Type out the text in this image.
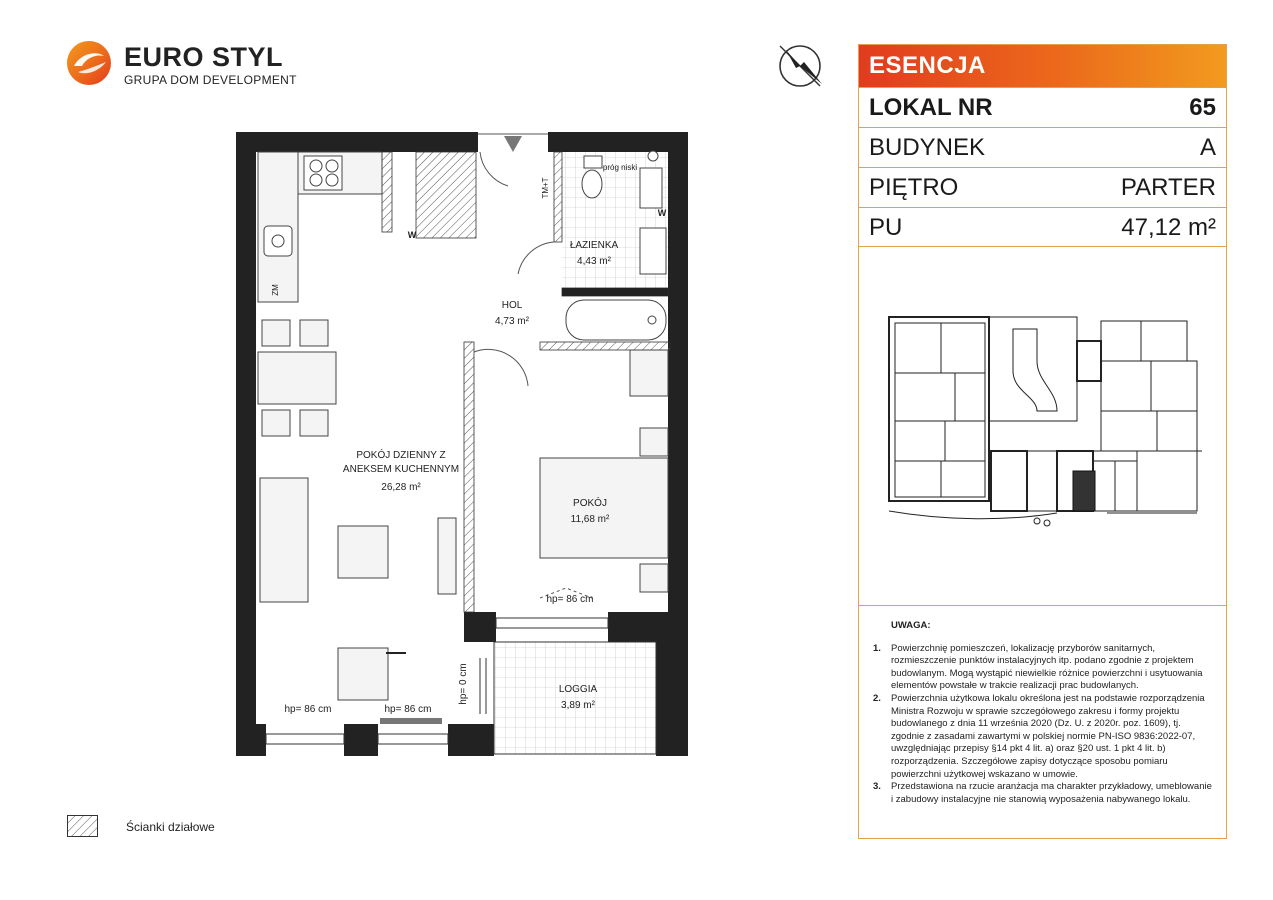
EURO STYL
GRUPA DOM DEVELOPMENT
ESENCJA
LOKAL NR	65
BUDYNEK	A
PIĘTRO	PARTER
PU	47,12 m²
UWAGA:
1. Powierzchnię pomieszczeń, lokalizację przyborów sanitarnych, rozmieszczenie punktów instalacyjnych itp. podano zgodnie z projektem budowlanym. Mogą wystąpić niewielkie różnice powierzchni i usytuowania elementów powstałe w trakcie realizacji prac budowlanych.
2. Powierzchnia użytkowa lokalu określona jest na podstawie rozporządzenia Ministra Rozwoju w sprawie szczegółowego zakresu i formy projektu budowlanego z dnia 11 września 2020 (Dz. U. z 2020r. poz. 1609), tj. zgodnie z zasadami zawartymi w polskiej normie PN-ISO 9836:2022-07, uwzględniając przepisy §14 pkt 4 lit. a) oraz §20 ust. 1 pkt 4 lit. b) rozporządzenia. Szczegółowe zapisy dotyczące sposobu pomiaru powierzchni użytkowej wskazano w umowie.
3. Przedstawiona na rzucie aranżacja ma charakter przykładowy, umeblowanie i zabudowy instalacyjne nie stanowią wyposażenia nabywanego lokalu.
POKÓJ DZIENNY Z
ANEKSEM KUCHENNYM
26,28 m²
HOL
4,73 m²
ŁAZIENKA
4,43 m²
POKÓJ
11,68 m²
LOGGIA
3,89 m²
hp= 86 cm	hp= 86 cm
hp= 86 cm
hp= 0 cm
próg niski
TM+T
ZM
W
W
Ścianki działowe
